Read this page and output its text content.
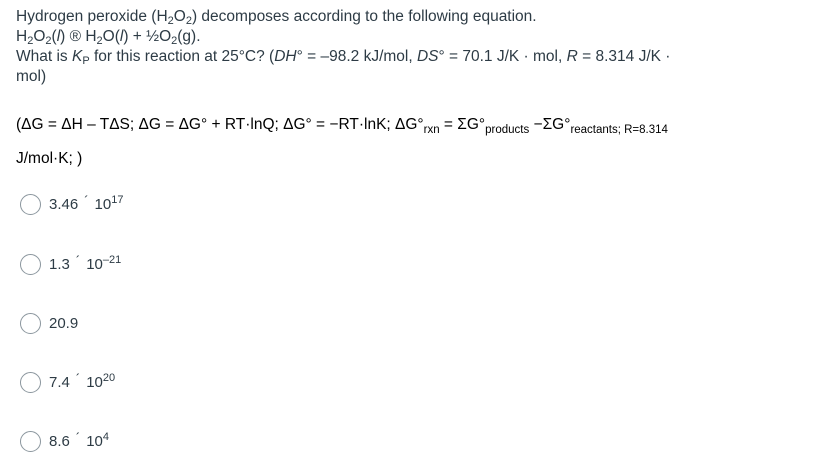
Hydrogen peroxide $(H_2O_2)$ decomposes according to the following equation.
$H_2O_2(l)$ ® $H_2O(l)$ + $\frac{1}{2}O_2(g)$.
What is $K_P$ for this reaction at 25°C? (DH° = –98.2 kJ/mol, DS° = 70.1 J/K · mol, R = 8.314 J/K ·
mol)
(ΔG = ΔH – TΔS; ΔG = ΔG° + RT·lnQ; ΔG° = −RT·lnK; $\Delta G^\circ_{rxn} = \Sigma G^\circ_{products} -\Sigma G^\circ_{reactants; R=8.314}$
J/mol·K; )
3.46 ´ $10^{17}$
1.3 ´ $10^{-21}$
20.9
7.4 ´ $10^{20}$
8.6 ´ $10^4$
